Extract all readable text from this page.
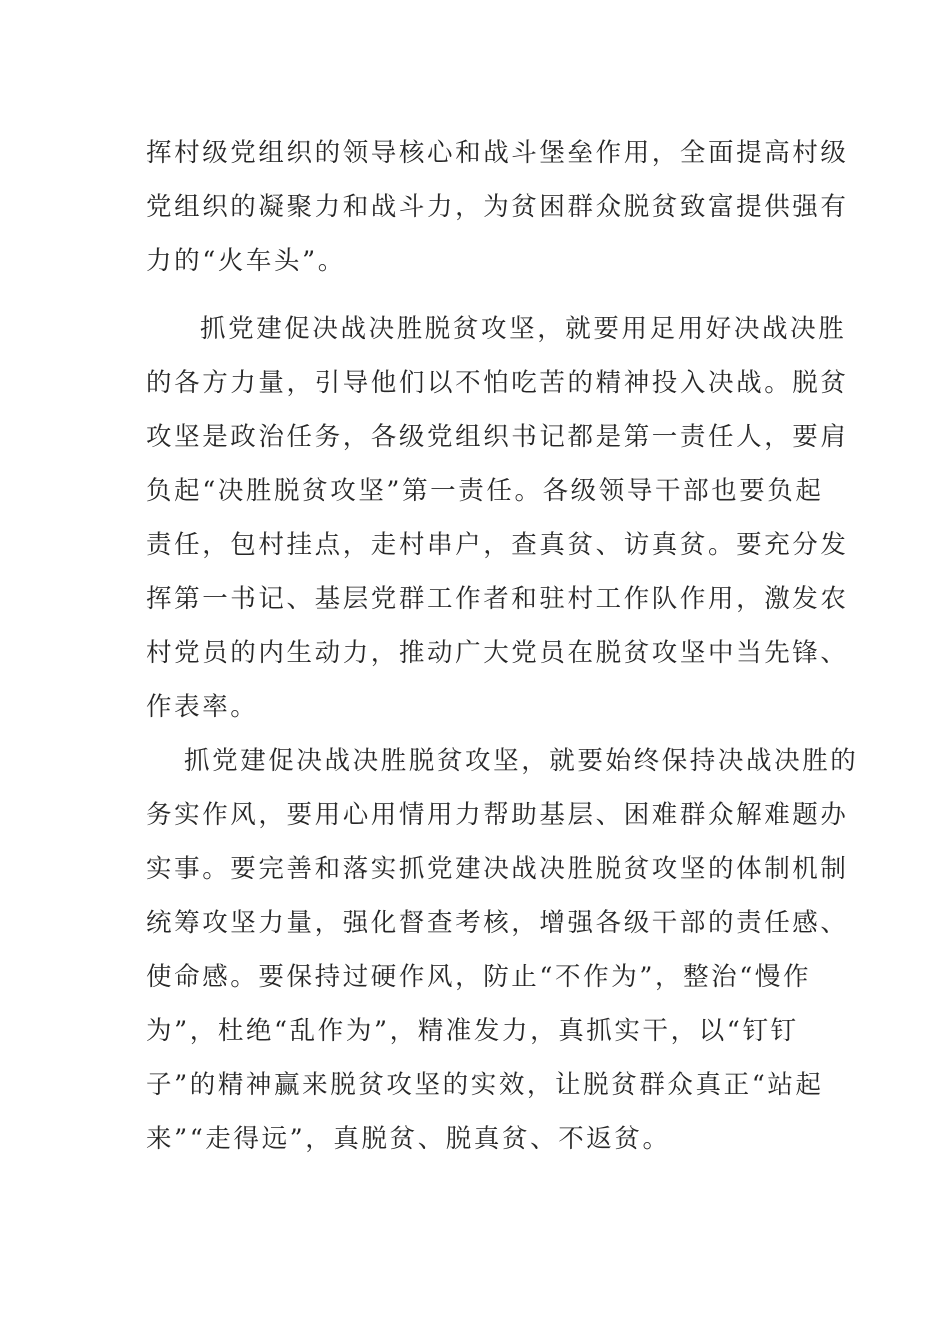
挥村级党组织的领导核心和战斗堡垒作用，全面提高村级
党组织的凝聚力和战斗力，为贫困群众脱贫致富提供强有
力的“火车头”。
抓党建促决战决胜脱贫攻坚，就要用足用好决战决胜
的各方力量，引导他们以不怕吃苦的精神投入决战。脱贫
攻坚是政治任务，各级党组织书记都是第一责任人，要肩
负起“决胜脱贫攻坚”第一责任。各级领导干部也要负起
责任，包村挂点，走村串户，查真贫、访真贫。要充分发
挥第一书记、基层党群工作者和驻村工作队作用，激发农
村党员的内生动力，推动广大党员在脱贫攻坚中当先锋、
作表率。
抓党建促决战决胜脱贫攻坚，就要始终保持决战决胜的
务实作风，要用心用情用力帮助基层、困难群众解难题办
实事。要完善和落实抓党建决战决胜脱贫攻坚的体制机制
统筹攻坚力量，强化督查考核，增强各级干部的责任感、
使命感。要保持过硬作风，防止“不作为”，整治“慢作
为”，杜绝“乱作为”，精准发力，真抓实干，以“钉钉
子”的精神赢来脱贫攻坚的实效，让脱贫群众真正“站起
来”“走得远”，真脱贫、脱真贫、不返贫。
